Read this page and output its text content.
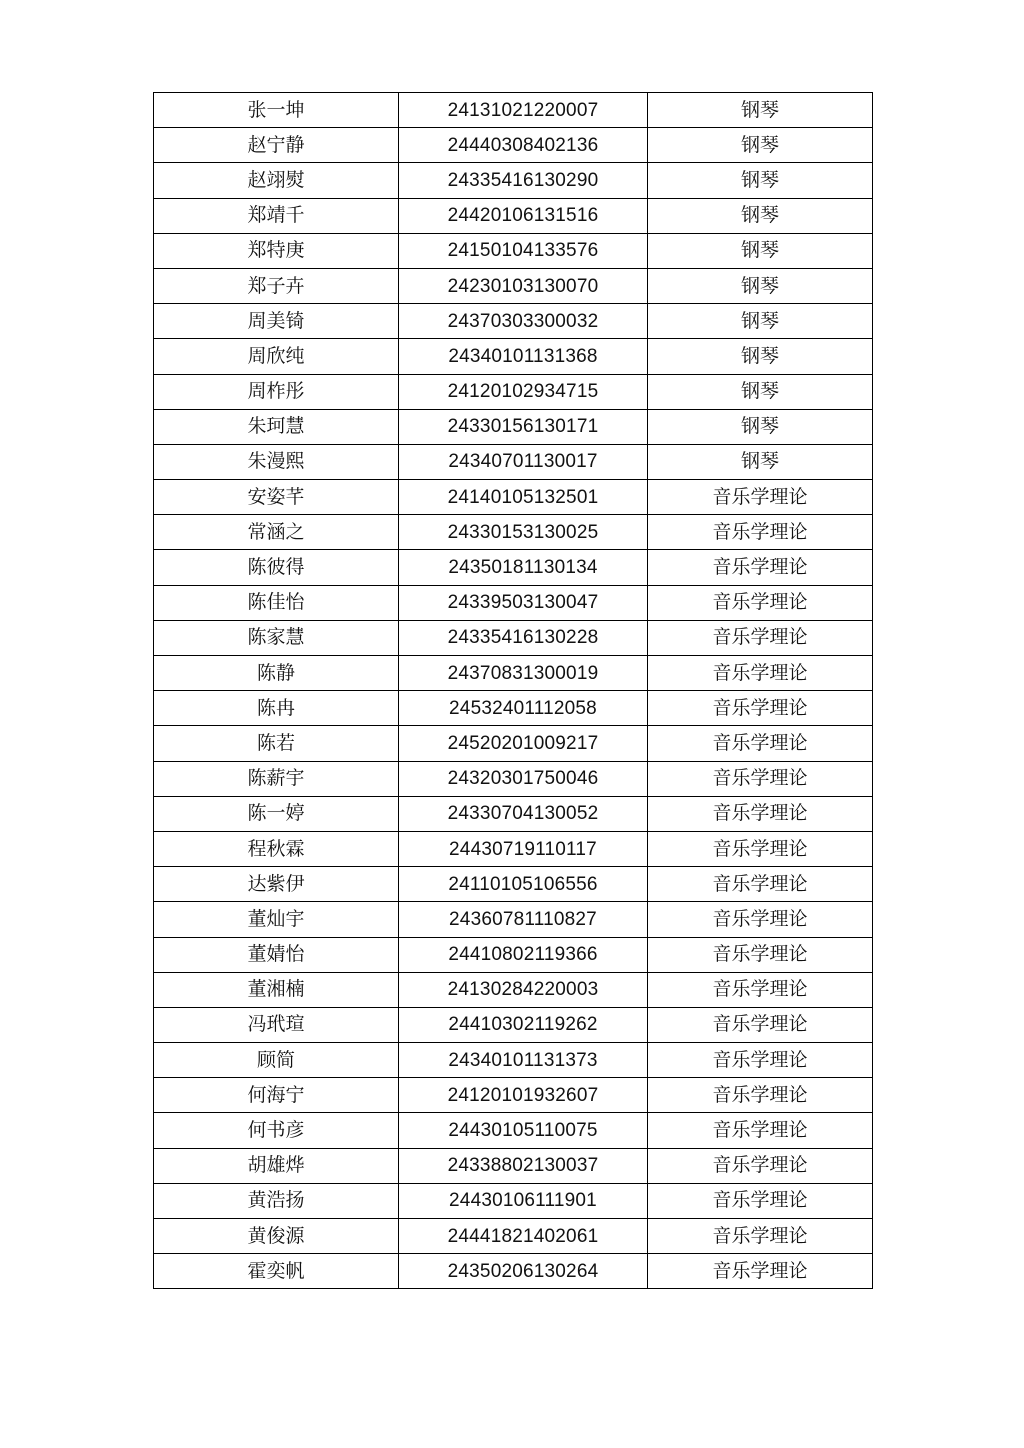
张一坤	24131021220007	钢琴
赵宁静	24440308402136	钢琴
赵翊熨	24335416130290	钢琴
郑靖千	24420106131516	钢琴
郑特庚	24150104133576	钢琴
郑子卉	24230103130070	钢琴
周美锜	24370303300032	钢琴
周欣纯	24340101131368	钢琴
周柞彤	24120102934715	钢琴
朱珂慧	24330156130171	钢琴
朱漫熙	24340701130017	钢琴
安姿芊	24140105132501	音乐学理论
常涵之	24330153130025	音乐学理论
陈彼得	24350181130134	音乐学理论
陈佳怡	24339503130047	音乐学理论
陈家慧	24335416130228	音乐学理论
陈静	24370831300019	音乐学理论
陈冉	24532401112058	音乐学理论
陈若	24520201009217	音乐学理论
陈薪宇	24320301750046	音乐学理论
陈一婷	24330704130052	音乐学理论
程秋霖	24430719110117	音乐学理论
达紫伊	24110105106556	音乐学理论
董灿宇	24360781110827	音乐学理论
董婧怡	24410802119366	音乐学理论
董湘楠	24130284220003	音乐学理论
冯玳瑄	24410302119262	音乐学理论
顾简	24340101131373	音乐学理论
何海宁	24120101932607	音乐学理论
何书彦	24430105110075	音乐学理论
胡雄烨	24338802130037	音乐学理论
黄浩扬	24430106111901	音乐学理论
黄俊源	24441821402061	音乐学理论
霍奕帆	24350206130264	音乐学理论
